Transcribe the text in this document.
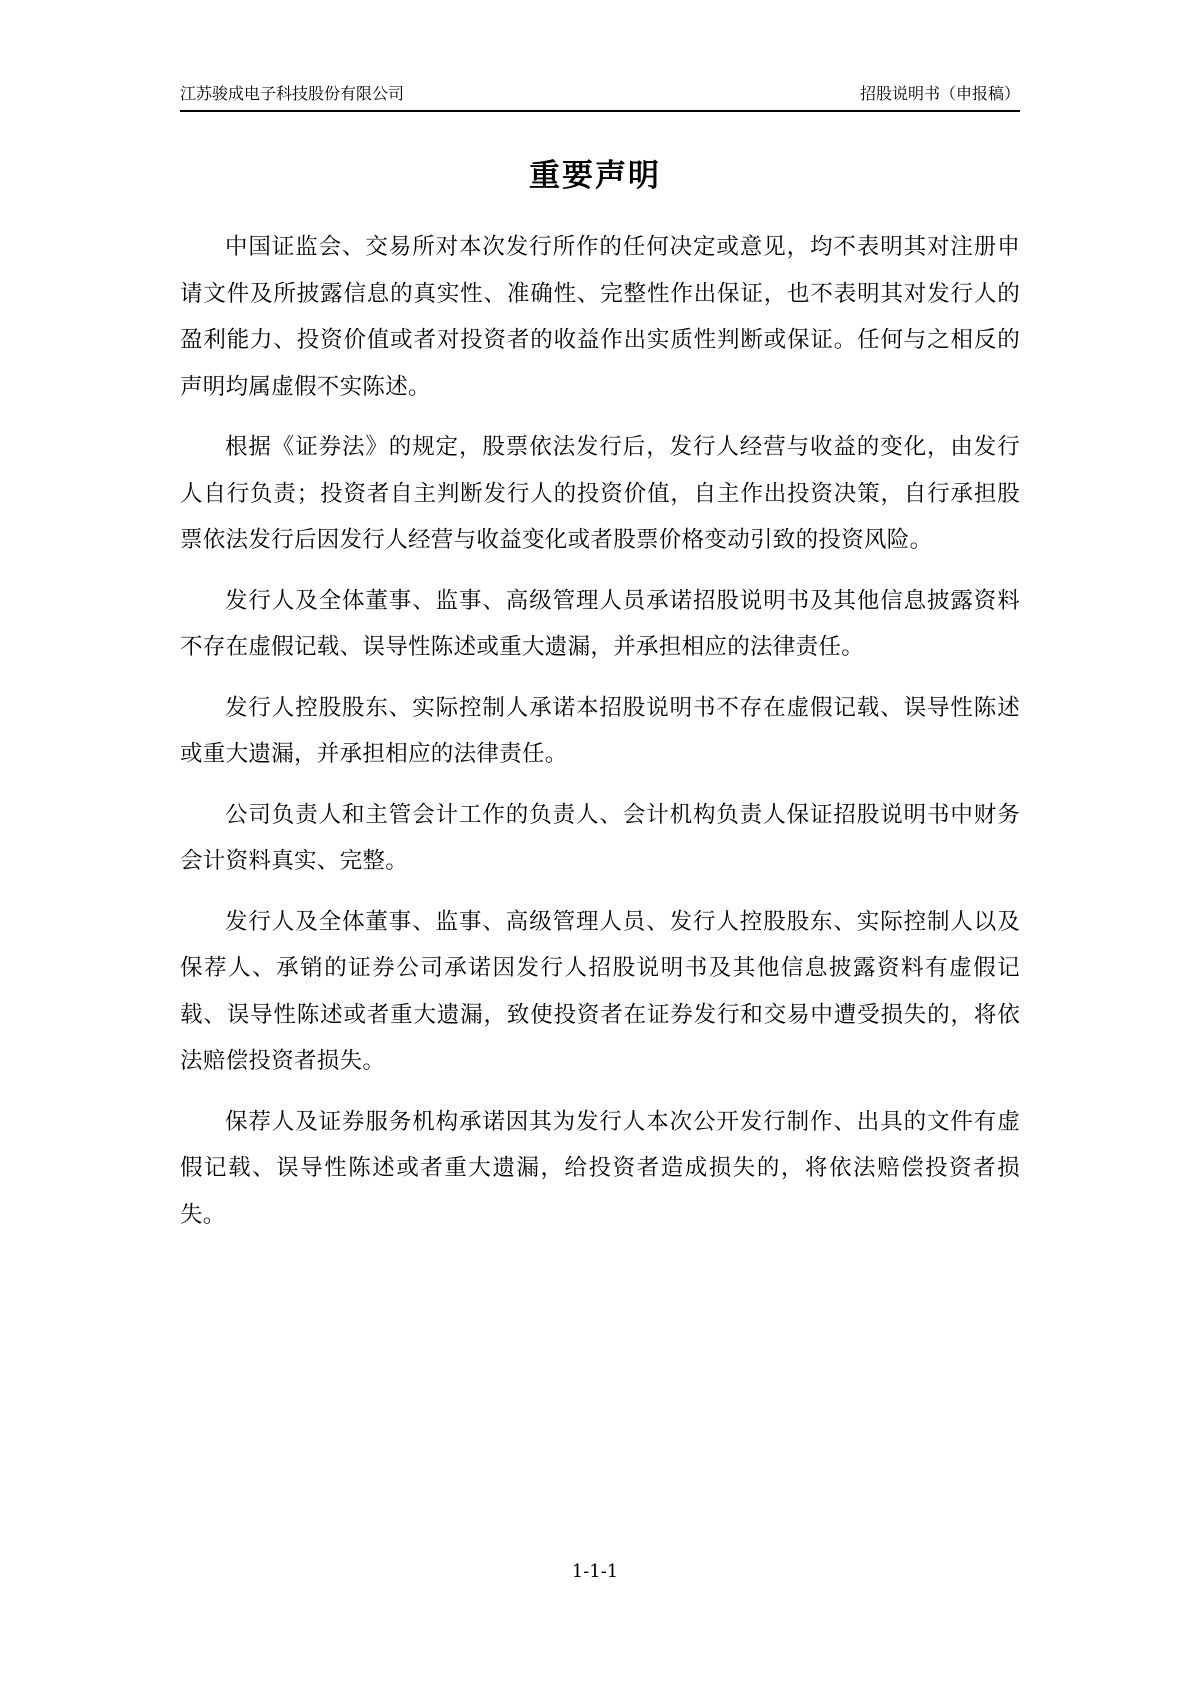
江苏骏成电子科技股份有限公司	招股说明书（申报稿）
重要声明

中国证监会、交易所对本次发行所作的任何决定或意见，均不表明其对注册申请文件及所披露信息的真实性、准确性、完整性作出保证，也不表明其对发行人的盈利能力、投资价值或者对投资者的收益作出实质性判断或保证。任何与之相反的声明均属虚假不实陈述。

根据《证券法》的规定，股票依法发行后，发行人经营与收益的变化，由发行人自行负责；投资者自主判断发行人的投资价值，自主作出投资决策，自行承担股票依法发行后因发行人经营与收益变化或者股票价格变动引致的投资风险。

发行人及全体董事、监事、高级管理人员承诺招股说明书及其他信息披露资料不存在虚假记载、误导性陈述或重大遗漏，并承担相应的法律责任。

发行人控股股东、实际控制人承诺本招股说明书不存在虚假记载、误导性陈述或重大遗漏，并承担相应的法律责任。

公司负责人和主管会计工作的负责人、会计机构负责人保证招股说明书中财务会计资料真实、完整。

发行人及全体董事、监事、高级管理人员、发行人控股股东、实际控制人以及保荐人、承销的证券公司承诺因发行人招股说明书及其他信息披露资料有虚假记载、误导性陈述或者重大遗漏，致使投资者在证券发行和交易中遭受损失的，将依法赔偿投资者损失。

保荐人及证券服务机构承诺因其为发行人本次公开发行制作、出具的文件有虚假记载、误导性陈述或者重大遗漏，给投资者造成损失的，将依法赔偿投资者损失。

1-1-1
